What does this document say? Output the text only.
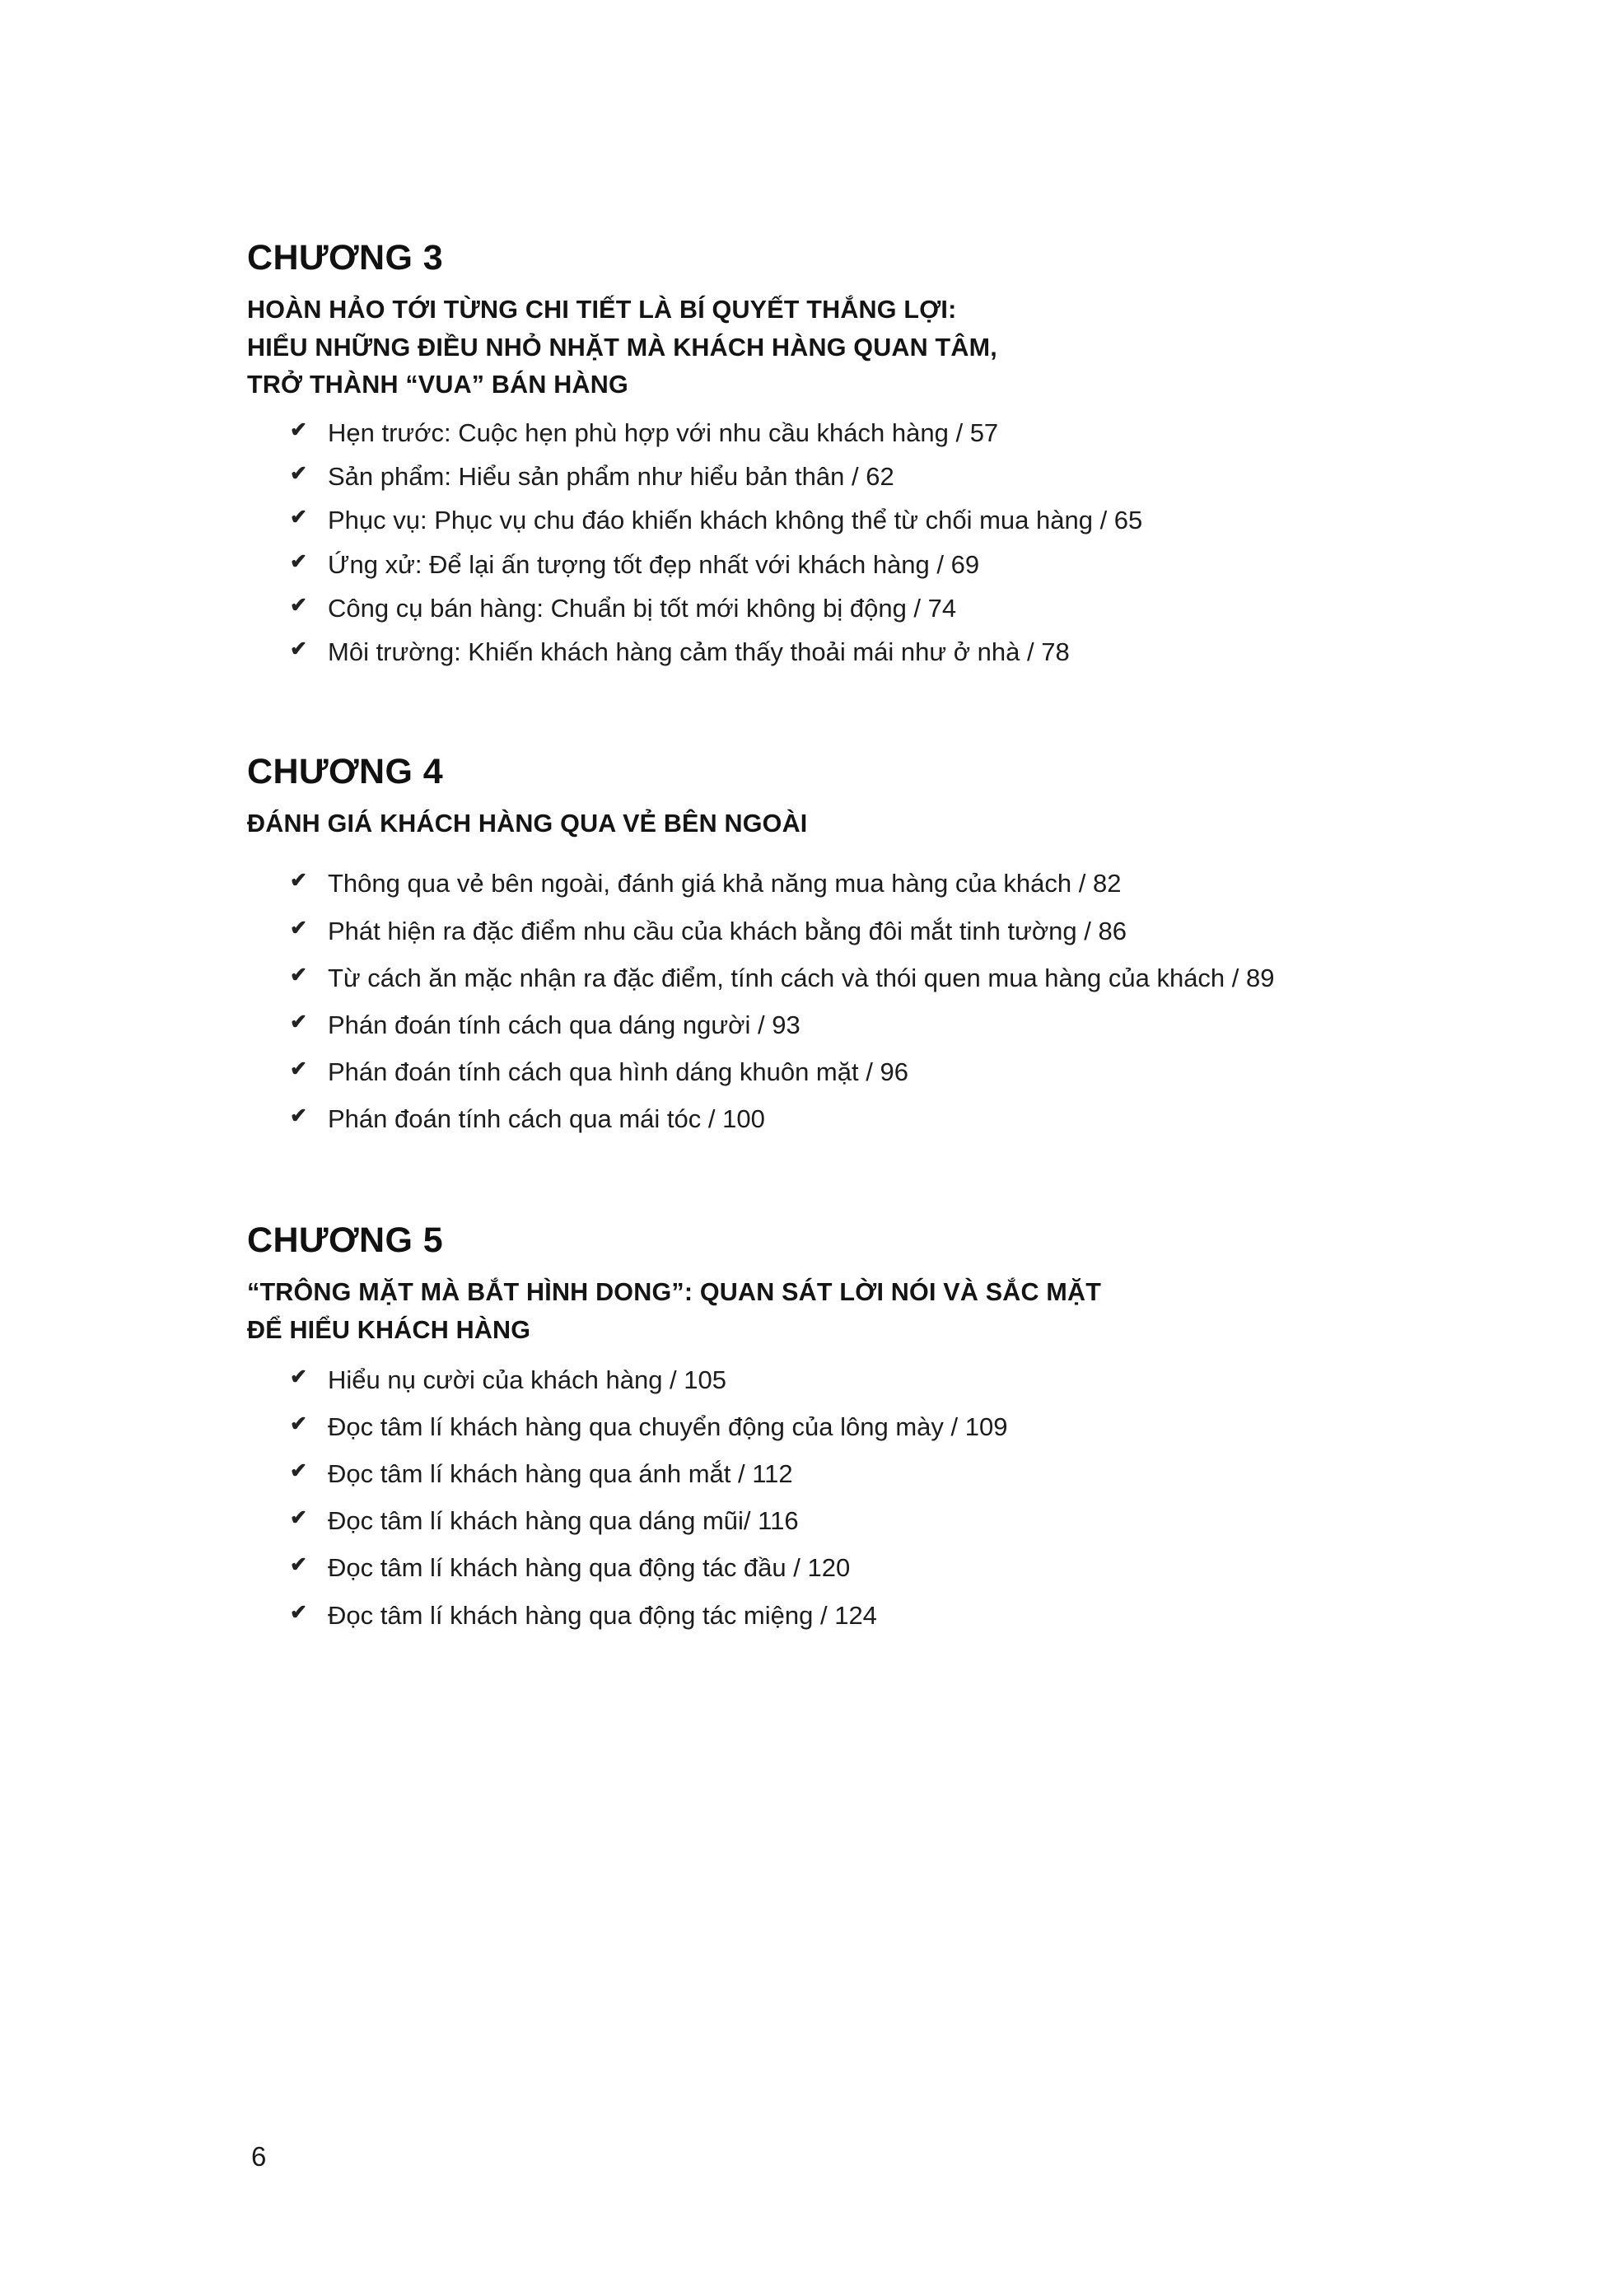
CHƯƠNG 3
HOÀN HẢO TỚI TỪNG CHI TIẾT LÀ BÍ QUYẾT THẮNG LỢI:
HIỂU NHỮNG ĐIỀU NHỎ NHẶT MÀ KHÁCH HÀNG QUAN TÂM,
TRỞ THÀNH “VUA” BÁN HÀNG
✔ Hẹn trước: Cuộc hẹn phù hợp với nhu cầu khách hàng / 57
✔ Sản phẩm: Hiểu sản phẩm như hiểu bản thân / 62
✔ Phục vụ: Phục vụ chu đáo khiến khách không thể từ chối mua hàng / 65
✔ Ứng xử: Để lại ấn tượng tốt đẹp nhất với khách hàng / 69
✔ Công cụ bán hàng: Chuẩn bị tốt mới không bị động / 74
✔ Môi trường: Khiến khách hàng cảm thấy thoải mái như ở nhà / 78
CHƯƠNG 4
ĐÁNH GIÁ KHÁCH HÀNG QUA VẺ BÊN NGOÀI
✔ Thông qua vẻ bên ngoài, đánh giá khả năng mua hàng của khách / 82
✔ Phát hiện ra đặc điểm nhu cầu của khách bằng đôi mắt tinh tường / 86
✔ Từ cách ăn mặc nhận ra đặc điểm, tính cách và thói quen mua hàng của khách / 89
✔ Phán đoán tính cách qua dáng người / 93
✔ Phán đoán tính cách qua hình dáng khuôn mặt / 96
✔ Phán đoán tính cách qua mái tóc / 100
CHƯƠNG 5
“TRÔNG MẶT MÀ BẮT HÌNH DONG”: QUAN SÁT LỜI NÓI VÀ SẮC MẶT
ĐỂ HIỂU KHÁCH HÀNG
✔ Hiểu nụ cười của khách hàng / 105
✔ Đọc tâm lí khách hàng qua chuyển động của lông mày / 109
✔ Đọc tâm lí khách hàng qua ánh mắt / 112
✔ Đọc tâm lí khách hàng qua dáng mũi/ 116
✔ Đọc tâm lí khách hàng qua động tác đầu / 120
✔ Đọc tâm lí khách hàng qua động tác miệng / 124
6
